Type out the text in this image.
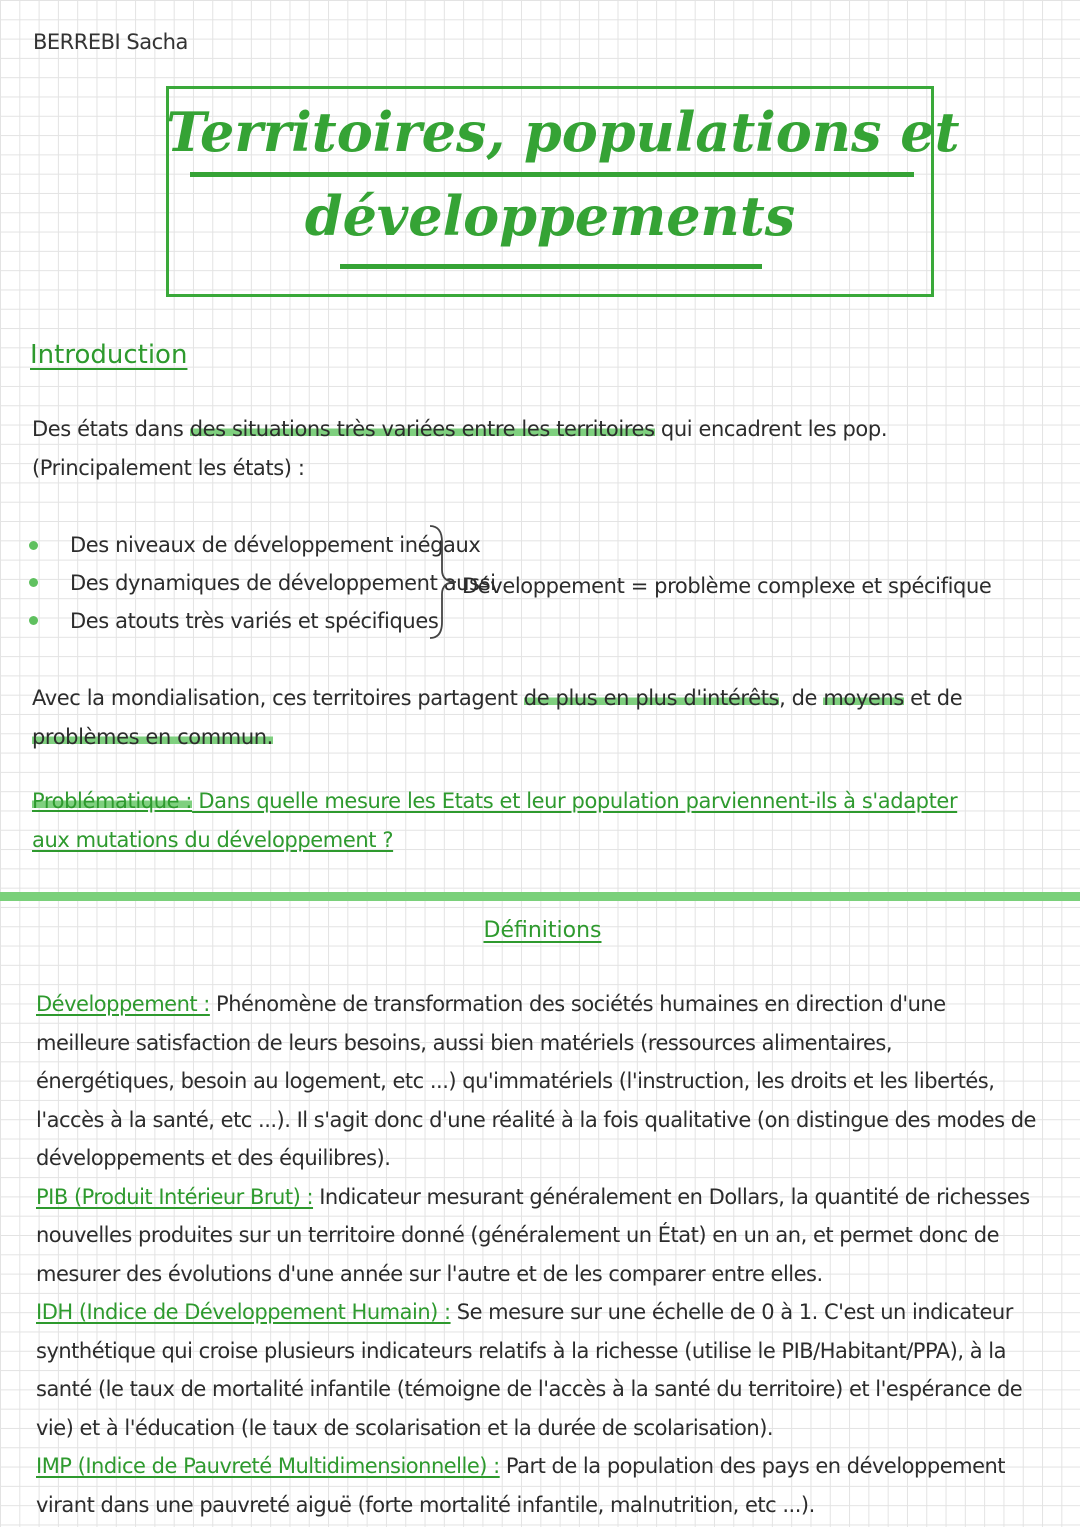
BERREBI Sacha
Territoires, populations et
développements
Introduction
Des états dans des situations très variées entre les territoires qui encadrent les pop. (Principalement les états) :
Des niveaux de développement inégaux
Des dynamiques de développement aussi
Des atouts très variés et spécifiques
Développement = problème complexe et spécifique
Avec la mondialisation, ces territoires partagent de plus en plus d'intérêts, de moyens et de problèmes en commun.
Problématique : Dans quelle mesure les Etats et leur population parviennent-ils à s'adapter aux mutations du développement ?
Définitions

Développement : Phénomène de transformation des sociétés humaines en direction d'une meilleure satisfaction de leurs besoins, aussi bien matériels (ressources alimentaires, énergétiques, besoin au logement, etc ...) qu'immatériels (l'instruction, les droits et les libertés, l'accès à la santé, etc ...). Il s'agit donc d'une réalité à la fois qualitative (on distingue des modes de développements et des équilibres).

PIB (Produit Intérieur Brut) : Indicateur mesurant généralement en Dollars, la quantité de richesses nouvelles produites sur un territoire donné (généralement un État) en un an, et permet donc de mesurer des évolutions d'une année sur l'autre et de les comparer entre elles.

IDH (Indice de Développement Humain) : Se mesure sur une échelle de 0 à 1. C'est un indicateur synthétique qui croise plusieurs indicateurs relatifs à la richesse (utilise le PIB/Habitant/PPA), à la santé (le taux de mortalité infantile (témoigne de l'accès à la santé du territoire) et l'espérance de vie) et à l'éducation (le taux de scolarisation et la durée de scolarisation).

IMP (Indice de Pauvreté Multidimensionnelle) : Part de la population des pays en développement virant dans une pauvreté aiguë (forte mortalité infantile, malnutrition, etc ...).
